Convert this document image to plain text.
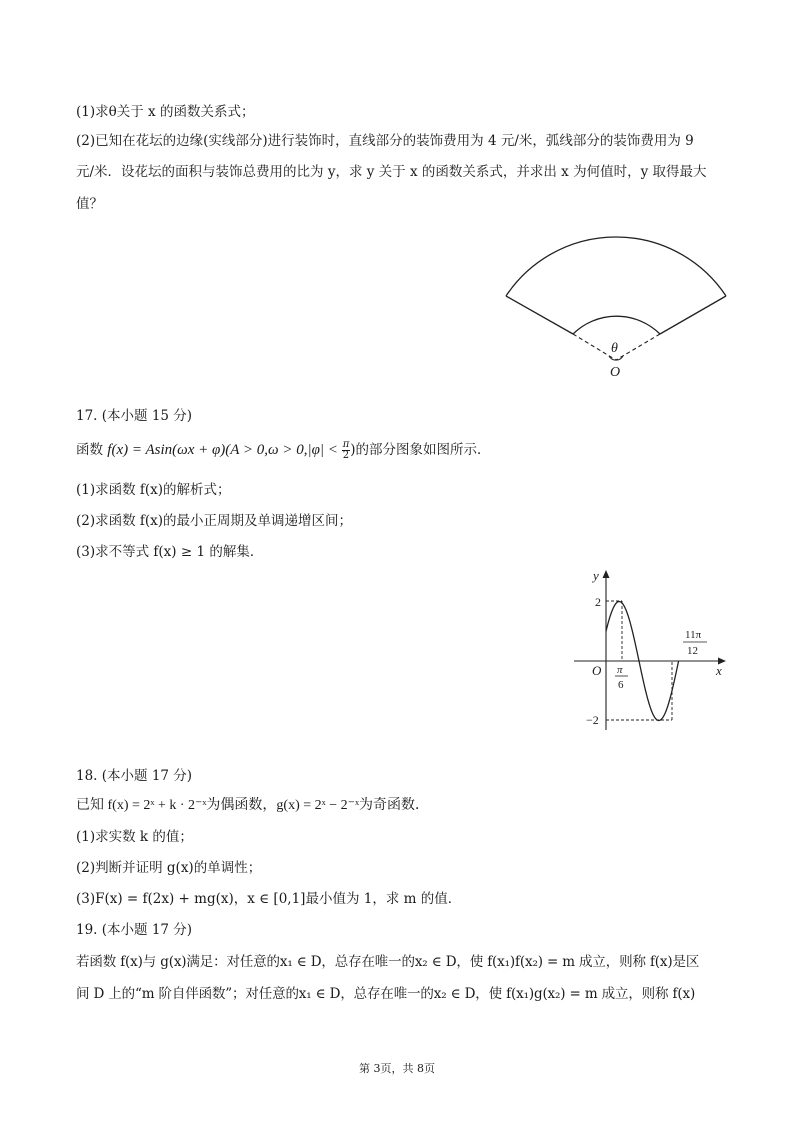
(1)求θ关于 x 的函数关系式；
(2)已知在花坛的边缘(实线部分)进行装饰时，直线部分的装饰费用为 4 元/米，弧线部分的装饰费用为 9
元/米．设花坛的面积与装饰总费用的比为 y，求 y 关于 x 的函数关系式，并求出 x 为何值时，y 取得最大
值？
θ
O
17. (本小题 15 分)
函数 $f(x) = Asin(\omega x + \varphi)(A > 0,\omega > 0,|\varphi| < \frac{\pi}{2}$ )的部分图象如图所示．
(1)求函数 f(x)的解析式；
(2)求函数 f(x)的最小正周期及单调递增区间；
(3)求不等式 f(x) ≥ 1 的解集．
y
x
O
2
−2
π
6
11π
12
18. (本小题 17 分)
已知 f(x) = 2ˣ + k · 2⁻ˣ为偶函数，g(x) = 2ˣ − 2⁻ˣ为奇函数．
(1)求实数 k 的值；
(2)判断并证明 g(x)的单调性；
(3)F(x) = f(2x) + mg(x)，x ∈ [0,1]最小值为 1，求 m 的值．
19. (本小题 17 分)
若函数 f(x)与 g(x)满足：对任意的x₁ ∈ D，总存在唯一的x₂ ∈ D，使 f(x₁)f(x₂) = m 成立，则称 f(x)是区
间 D 上的“m 阶自伴函数”；对任意的x₁ ∈ D，总存在唯一的x₂ ∈ D，使 f(x₁)g(x₂) = m 成立，则称 f(x)
第 3页，共 8页
